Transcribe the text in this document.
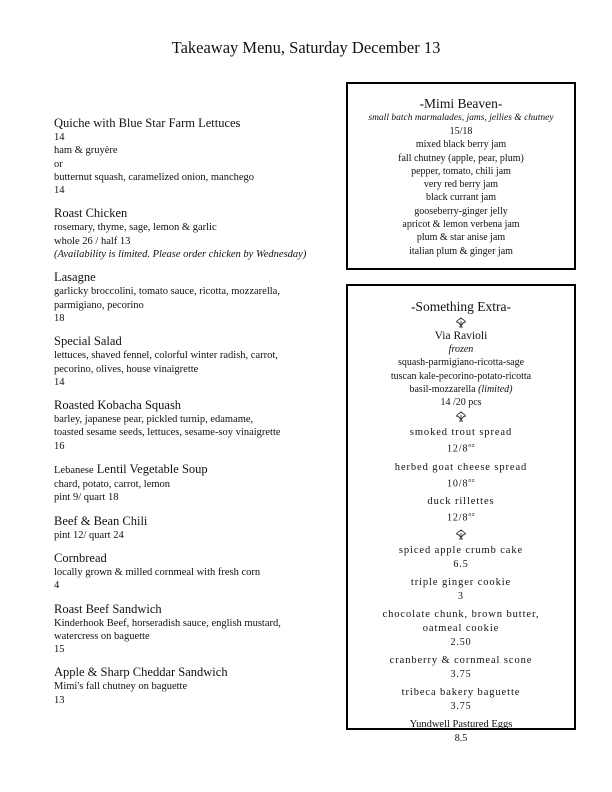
Takeaway Menu, Saturday December 13
Quiche with Blue Star Farm Lettuces
14
ham & gruyère
or
butternut squash, caramelized onion, manchego
14
Roast Chicken
rosemary, thyme, sage, lemon & garlic
whole 26 / half 13
(Availability is limited. Please order chicken by Wednesday)
Lasagne
garlicky broccolini, tomato sauce, ricotta, mozzarella,
parmigiano, pecorino
18
Special Salad
lettuces, shaved fennel, colorful winter radish, carrot,
pecorino, olives, house vinaigrette
14
Roasted Kobacha Squash
barley, japanese pear, pickled turnip, edamame,
toasted sesame seeds, lettuces, sesame-soy vinaigrette
16
Lebanese Lentil Vegetable Soup
chard, potato, carrot, lemon
pint 9/ quart 18
Beef & Bean Chili
pint 12/ quart 24
Cornbread
locally grown & milled cornmeal with fresh corn
4
Roast Beef Sandwich
Kinderhook Beef, horseradish sauce, english mustard,
watercress on baguette
15
Apple & Sharp Cheddar Sandwich
Mimi's fall chutney on baguette
13
-Mimi Beaven-
small batch marmalades, jams, jellies & chutney
15/18
mixed black berry jam
fall chutney (apple, pear, plum)
pepper, tomato, chili jam
very red berry jam
black currant jam
gooseberry-ginger jelly
apricot & lemon verbena jam
plum & star anise jam
italian plum & ginger jam
-Something Extra-
Via Ravioli
frozen
squash-parmigiano-ricotta-sage
tuscan kale-pecorino-potato-ricotta
basil-mozzarella (limited)
14 /20 pcs
smoked trout spread
$12/8^{oz}$
herbed goat cheese spread
$10/8^{oz}$
duck rillettes
$12/8^{oz}$
spiced apple crumb cake
6.5
triple ginger cookie
3
chocolate chunk, brown butter, oatmeal cookie
2.50
cranberry & cornmeal scone
3.75
tribeca bakery baguette
3.75
Yundwell Pastured Eggs
8.5
